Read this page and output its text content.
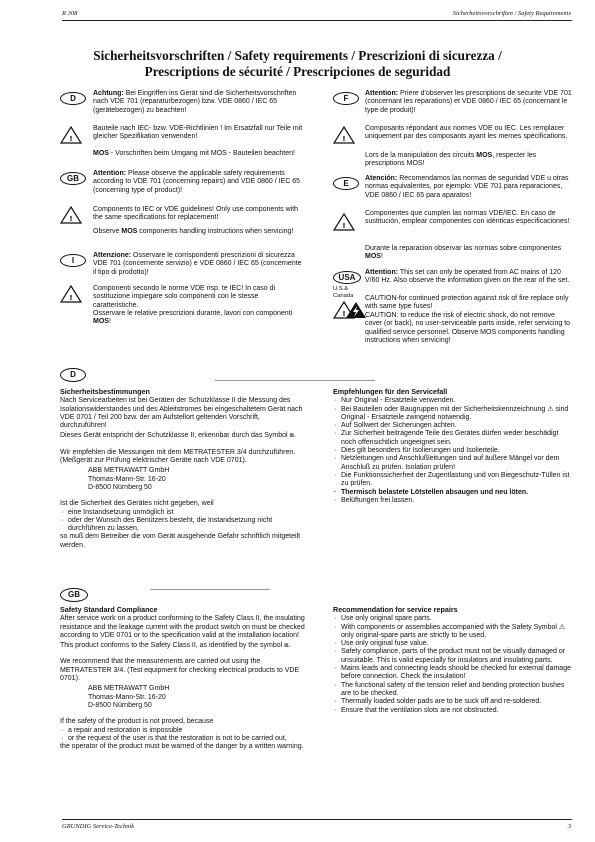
R 308	Sicherheitsvorschriften / Safety Requirements
Sicherheitsvorschriften / Safety requirements / Prescrizioni di sicurezza /
Prescriptions de sécurité / Prescripciones de seguridad
D
Achtung: Bei Eingriffen ins Gerät sind die Sicherheitsvorschriften nach VDE 701 (reparaturbezogen) bzw. VDE 0860 / IEC 65 (gerätebezogen) zu beachten!
!
Bauteile nach IEC- bzw. VDE-Richtlinien ! Im Ersatzfall nur Teile mit gleicher Spezifikation verwenden!
MOS - Vorschriften beim Umgang mit MOS - Bauteilen beachten!
GB
Attention: Please observe the applicable safety requirements according to VDE 701 (concerning repairs) and VDE 0860 / IEC 65 (concerning type of product)!
!
Components to IEC or VDE guidelines! Only use components with the same specifications for replacement!
Observe MOS components handling instructions when servicing!
I
Attenzione: Osservare le corrispondenti prescrizioni di sicurezza VDE 701 (concernente servizio) e VDE 0860 / IEC 65 (concernente il tipo di prodotto)!
!
Componenti secondo le norme VDE risp. te IEC! In caso di sostituzione impiegare solo componenti con le stesse caratteristiche.
Osservare le relative prescrizioni durante, lavori con componenti MOS!
F
Attention: Priere d'observer les prescriptions de securite VDE 701 (concernant les reparations) et VDE 0860 / IEC 65 (concernant le type de produit)!
!
Composants répondant aux normes VDE ou IEC. Les remplacer uniquement par des composants ayant les memes spécifications.
Lors de la manipulation des circuits MOS, respecter les prescriptions MOS!
E
Atención: Recomendamos las normas de seguridad VDE u otras normas equivalentes, por ejemplo: VDE 701 para reparaciones, VDE 0860 / IEC 65 para aparatos!
!
Componentes que cumplen las normas VDE/IEC. En caso de sustitución, emplear componentes con idénticas especificaciones!
Durante la reparacion observar las normas sobre componentes MOS!
USA
U.S.&
Canada
Attention: This set can only be operated from AC mains of 120 V/60 Hz. Also observe the information given on the rear of the set.
!
CAUTION-for continued protection against risk of fire replace only with same type fuses!
CAUTION: to reduce the risk of electric shock, do not remove cover (or back), no user-serviceable parts inside, refer servicing to qualified service personnel. Observe MOS components handling instructions when servicing!
D
Sicherheitsbestimmungen

Nach Servicearbeiten ist bei Geräten der Schutzklasse II die Messung des Isolationswiderstandes und des Ableitstromes bei eingeschaltetem Gerät nach VDE 0701 / Teil 200 bzw. der am Aufstellort geltenden Vorschrift, durchzuführen!

Dieses Gerät entspricht der Schutzklasse II, erkennbar durch das Symbol ⧈.

Wir empfehlen die Messungen mit dem METRATESTER 3/4 durchzuführen. (Meßgerät zur Prüfung elektrischer Geräte nach VDE 0701).

ABB METRAWATT GmbH
Thomas-Mann-Str. 16-20
D-8500 Nürnberg 50

Ist die Sicherheit des Gerätes nicht gegeben, weil

· eine Instandsetzung unmöglich ist
· oder der Wunsch des Benützers besteht, die Instandsetzung nicht durchführen zu lassen,

so muß dem Betreiber die vom Gerät ausgehende Gefahr schriftlich mitgeteilt werden.

Empfehlungen für den Servicefall
· Nur Original - Ersatzteile verwenden.
· Bei Bauteilen oder Baugruppen mit der Sicherheitskennzeichnung ⚠ sind Original - Ersatzteile zwingend notwendig.
· Auf Sollwert der Sicherungen achten.
· Zur Sicherheit beitragende Teile des Gerätes dürfen weder beschädigt noch offensichtlich ungeeignet sein.
· Dies gilt besonders für Isolierungen und Isolierteile.
· Netzleitungen und Anschlußleitungen sind auf äußere Mängel vor dem Anschluß zu prüfen. Isolation prüfen!
· Die Funktionssicherheit der Zugentlastung und von Biegeschutz-Tüllen ist zu prüfen.
· Thermisch belastete Lötstellen absaugen und neu löten.
· Belüftungen frei lassen.
GB
Safety Standard Compliance

After service work on a product conforming to the Safety Class II, the insulating resistance and the leakage current with the product switch on must be checked according to VDE 0701 or to the specification valid at the installation location!

This product conforms to the Safety Class II, as identified by the symbol ⧈.

We recommend that the measurements are carried out using the METRATESTER 3/4. (Test equipment for checking electrical products to VDE 0701).

ABB METRAWATT GmbH
Thomas-Mann-Str. 16-20
D-8500 Nürnberg 50

If the safety of the product is not proved, because

· a repair and restoration is impossible
· or the request of the user is that the restoration is not to be carried out,

the operator of the product must be warned of the danger by a written warning.

Recommendation for service repairs
· Use only original spare parts.
· With components or assemblies accompanied with the Safety Symbol ⚠ only original-spare parts are strictly to be used.
· Use only original fuse value.
· Safety compliance, parts of the product must not be visually damaged or unsuitable. This is valid especially for insulators and insulating parts.
· Mains leads and connecting leads should be checked for external damage before connection. Check the insulation!
· The functional safety of the tension relief and bending protection bushes are to be checked.
· Thermally loaded solder pads are to be suck off and re-soldered.
· Ensure that the ventilation slots are not obstructed.
GRUNDIG Service-Technik	3
